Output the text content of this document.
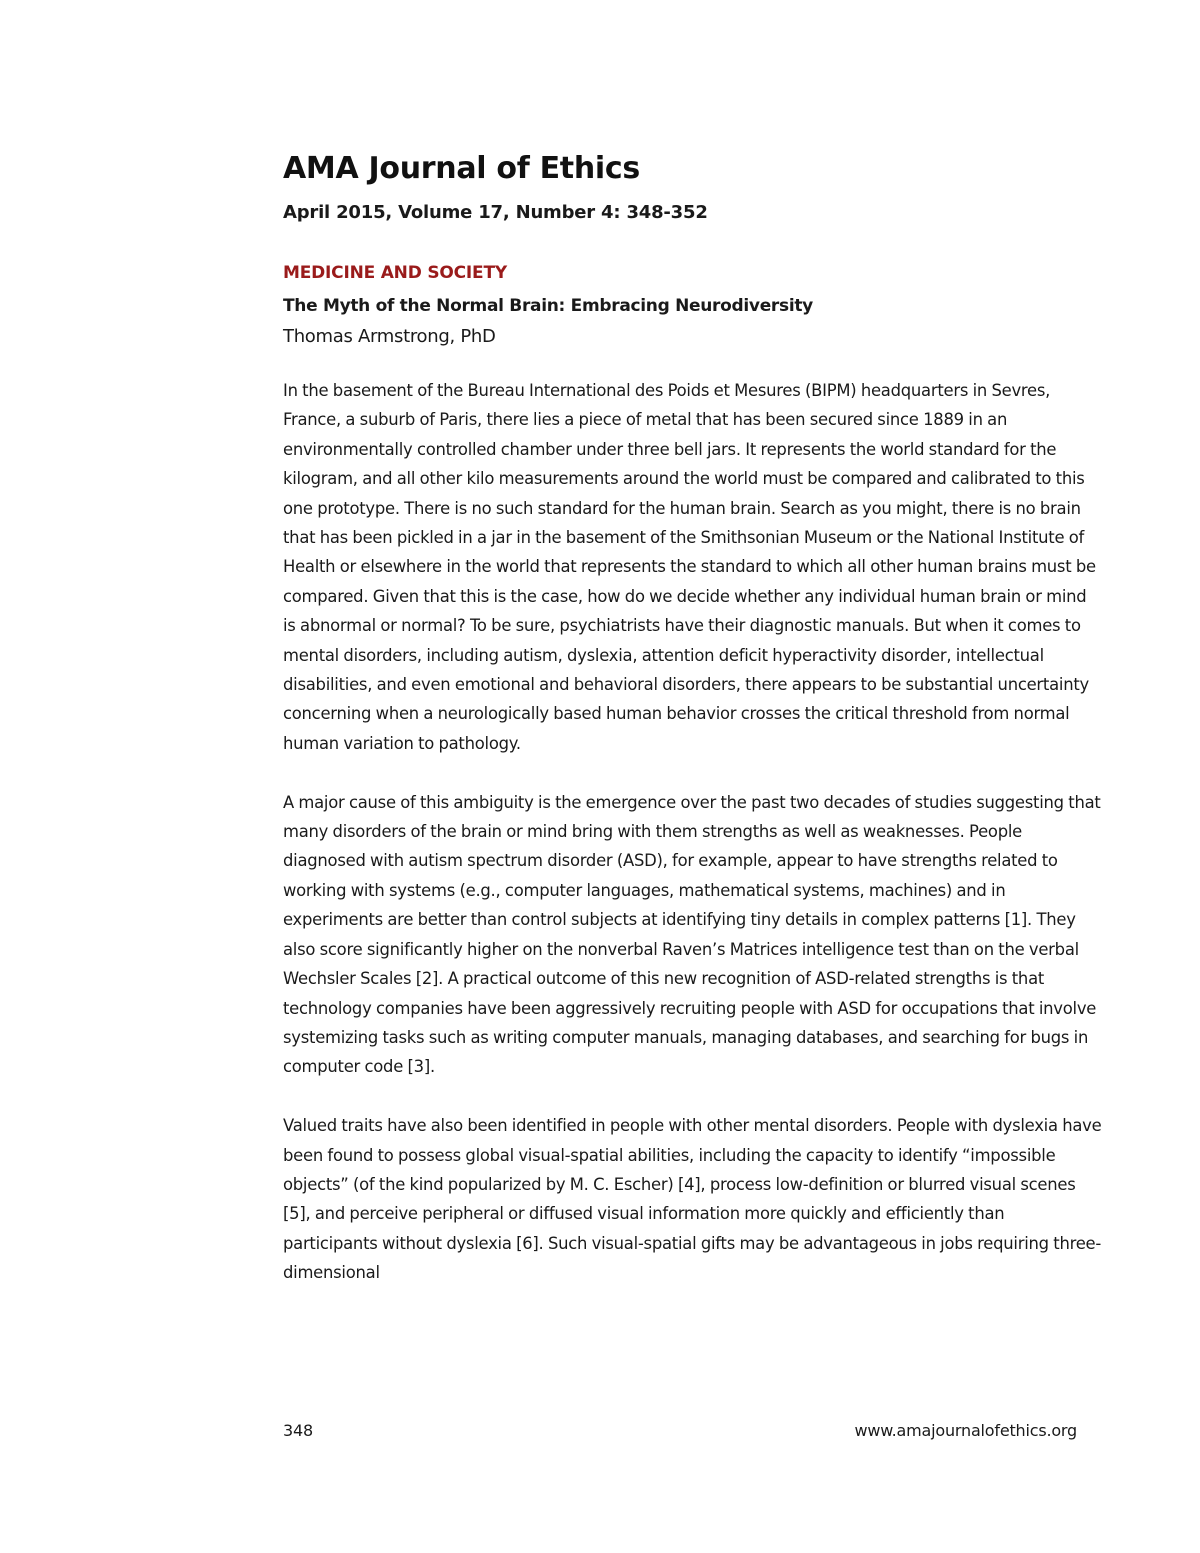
AMA Journal of Ethics
April 2015, Volume 17, Number 4: 348-352
MEDICINE AND SOCIETY
The Myth of the Normal Brain: Embracing Neurodiversity
Thomas Armstrong, PhD

In the basement of the Bureau International des Poids et Mesures (BIPM) headquarters in Sevres, France, a suburb of Paris, there lies a piece of metal that has been secured since 1889 in an environmentally controlled chamber under three bell jars. It represents the world standard for the kilogram, and all other kilo measurements around the world must be compared and calibrated to this one prototype. There is no such standard for the human brain. Search as you might, there is no brain that has been pickled in a jar in the basement of the Smithsonian Museum or the National Institute of Health or elsewhere in the world that represents the standard to which all other human brains must be compared. Given that this is the case, how do we decide whether any individual human brain or mind is abnormal or normal? To be sure, psychiatrists have their diagnostic manuals. But when it comes to mental disorders, including autism, dyslexia, attention deficit hyperactivity disorder, intellectual disabilities, and even emotional and behavioral disorders, there appears to be substantial uncertainty concerning when a neurologically based human behavior crosses the critical threshold from normal human variation to pathology.

A major cause of this ambiguity is the emergence over the past two decades of studies suggesting that many disorders of the brain or mind bring with them strengths as well as weaknesses. People diagnosed with autism spectrum disorder (ASD), for example, appear to have strengths related to working with systems (e.g., computer languages, mathematical systems, machines) and in experiments are better than control subjects at identifying tiny details in complex patterns [1]. They also score significantly higher on the nonverbal Raven’s Matrices intelligence test than on the verbal Wechsler Scales [2]. A practical outcome of this new recognition of ASD-related strengths is that technology companies have been aggressively recruiting people with ASD for occupations that involve systemizing tasks such as writing computer manuals, managing databases, and searching for bugs in computer code [3].

Valued traits have also been identified in people with other mental disorders. People with dyslexia have been found to possess global visual-spatial abilities, including the capacity to identify “impossible objects” (of the kind popularized by M. C. Escher) [4], process low-definition or blurred visual scenes [5], and perceive peripheral or diffused visual information more quickly and efficiently than participants without dyslexia [6]. Such visual-spatial gifts may be advantageous in jobs requiring three-dimensional

348	www.amajournalofethics.org
